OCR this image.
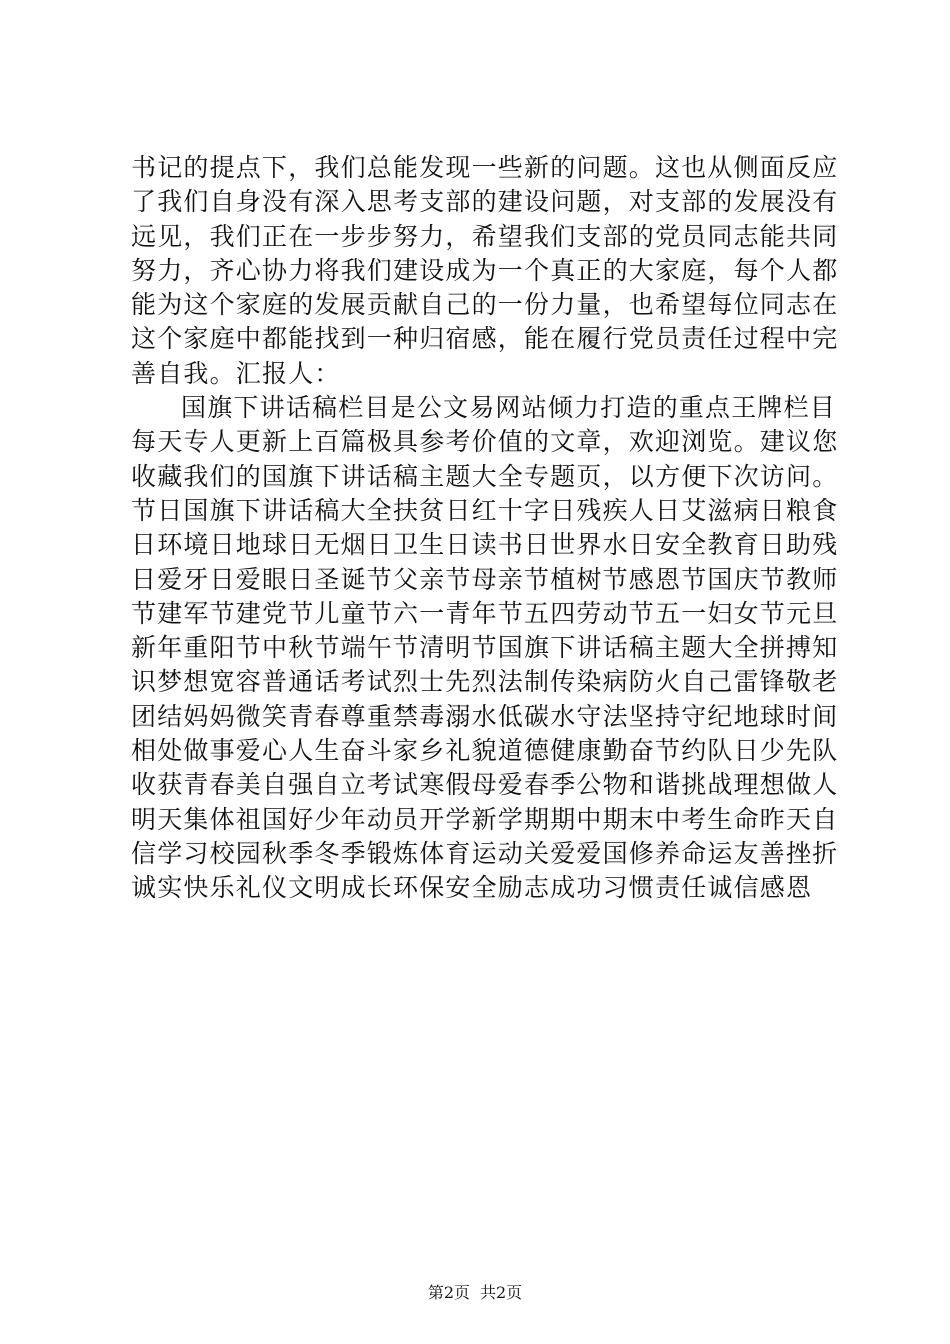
书记的提点下，我们总能发现一些新的问题。这也从侧面反应
了我们自身没有深入思考支部的建设问题，对支部的发展没有
远见，我们正在一步步努力，希望我们支部的党员同志能共同
努力，齐心协力将我们建设成为一个真正的大家庭，每个人都
能为这个家庭的发展贡献自己的一份力量，也希望每位同志在
这个家庭中都能找到一种归宿感，能在履行党员责任过程中完
善自我。汇报人：
国旗下讲话稿栏目是公文易网站倾力打造的重点王牌栏目
每天专人更新上百篇极具参考价值的文章，欢迎浏览。建议您
收藏我们的国旗下讲话稿主题大全专题页，以方便下次访问。
节日国旗下讲话稿大全扶贫日红十字日残疾人日艾滋病日粮食
日环境日地球日无烟日卫生日读书日世界水日安全教育日助残
日爱牙日爱眼日圣诞节父亲节母亲节植树节感恩节国庆节教师
节建军节建党节儿童节六一青年节五四劳动节五一妇女节元旦
新年重阳节中秋节端午节清明节国旗下讲话稿主题大全拼搏知
识梦想宽容普通话考试烈士先烈法制传染病防火自己雷锋敬老
团结妈妈微笑青春尊重禁毒溺水低碳水守法坚持守纪地球时间
相处做事爱心人生奋斗家乡礼貌道德健康勤奋节约队日少先队
收获青春美自强自立考试寒假母爱春季公物和谐挑战理想做人
明天集体祖国好少年动员开学新学期期中期末中考生命昨天自
信学习校园秋季冬季锻炼体育运动关爱爱国修养命运友善挫折
诚实快乐礼仪文明成长环保安全励志成功习惯责任诚信感恩
第2页 共2页
